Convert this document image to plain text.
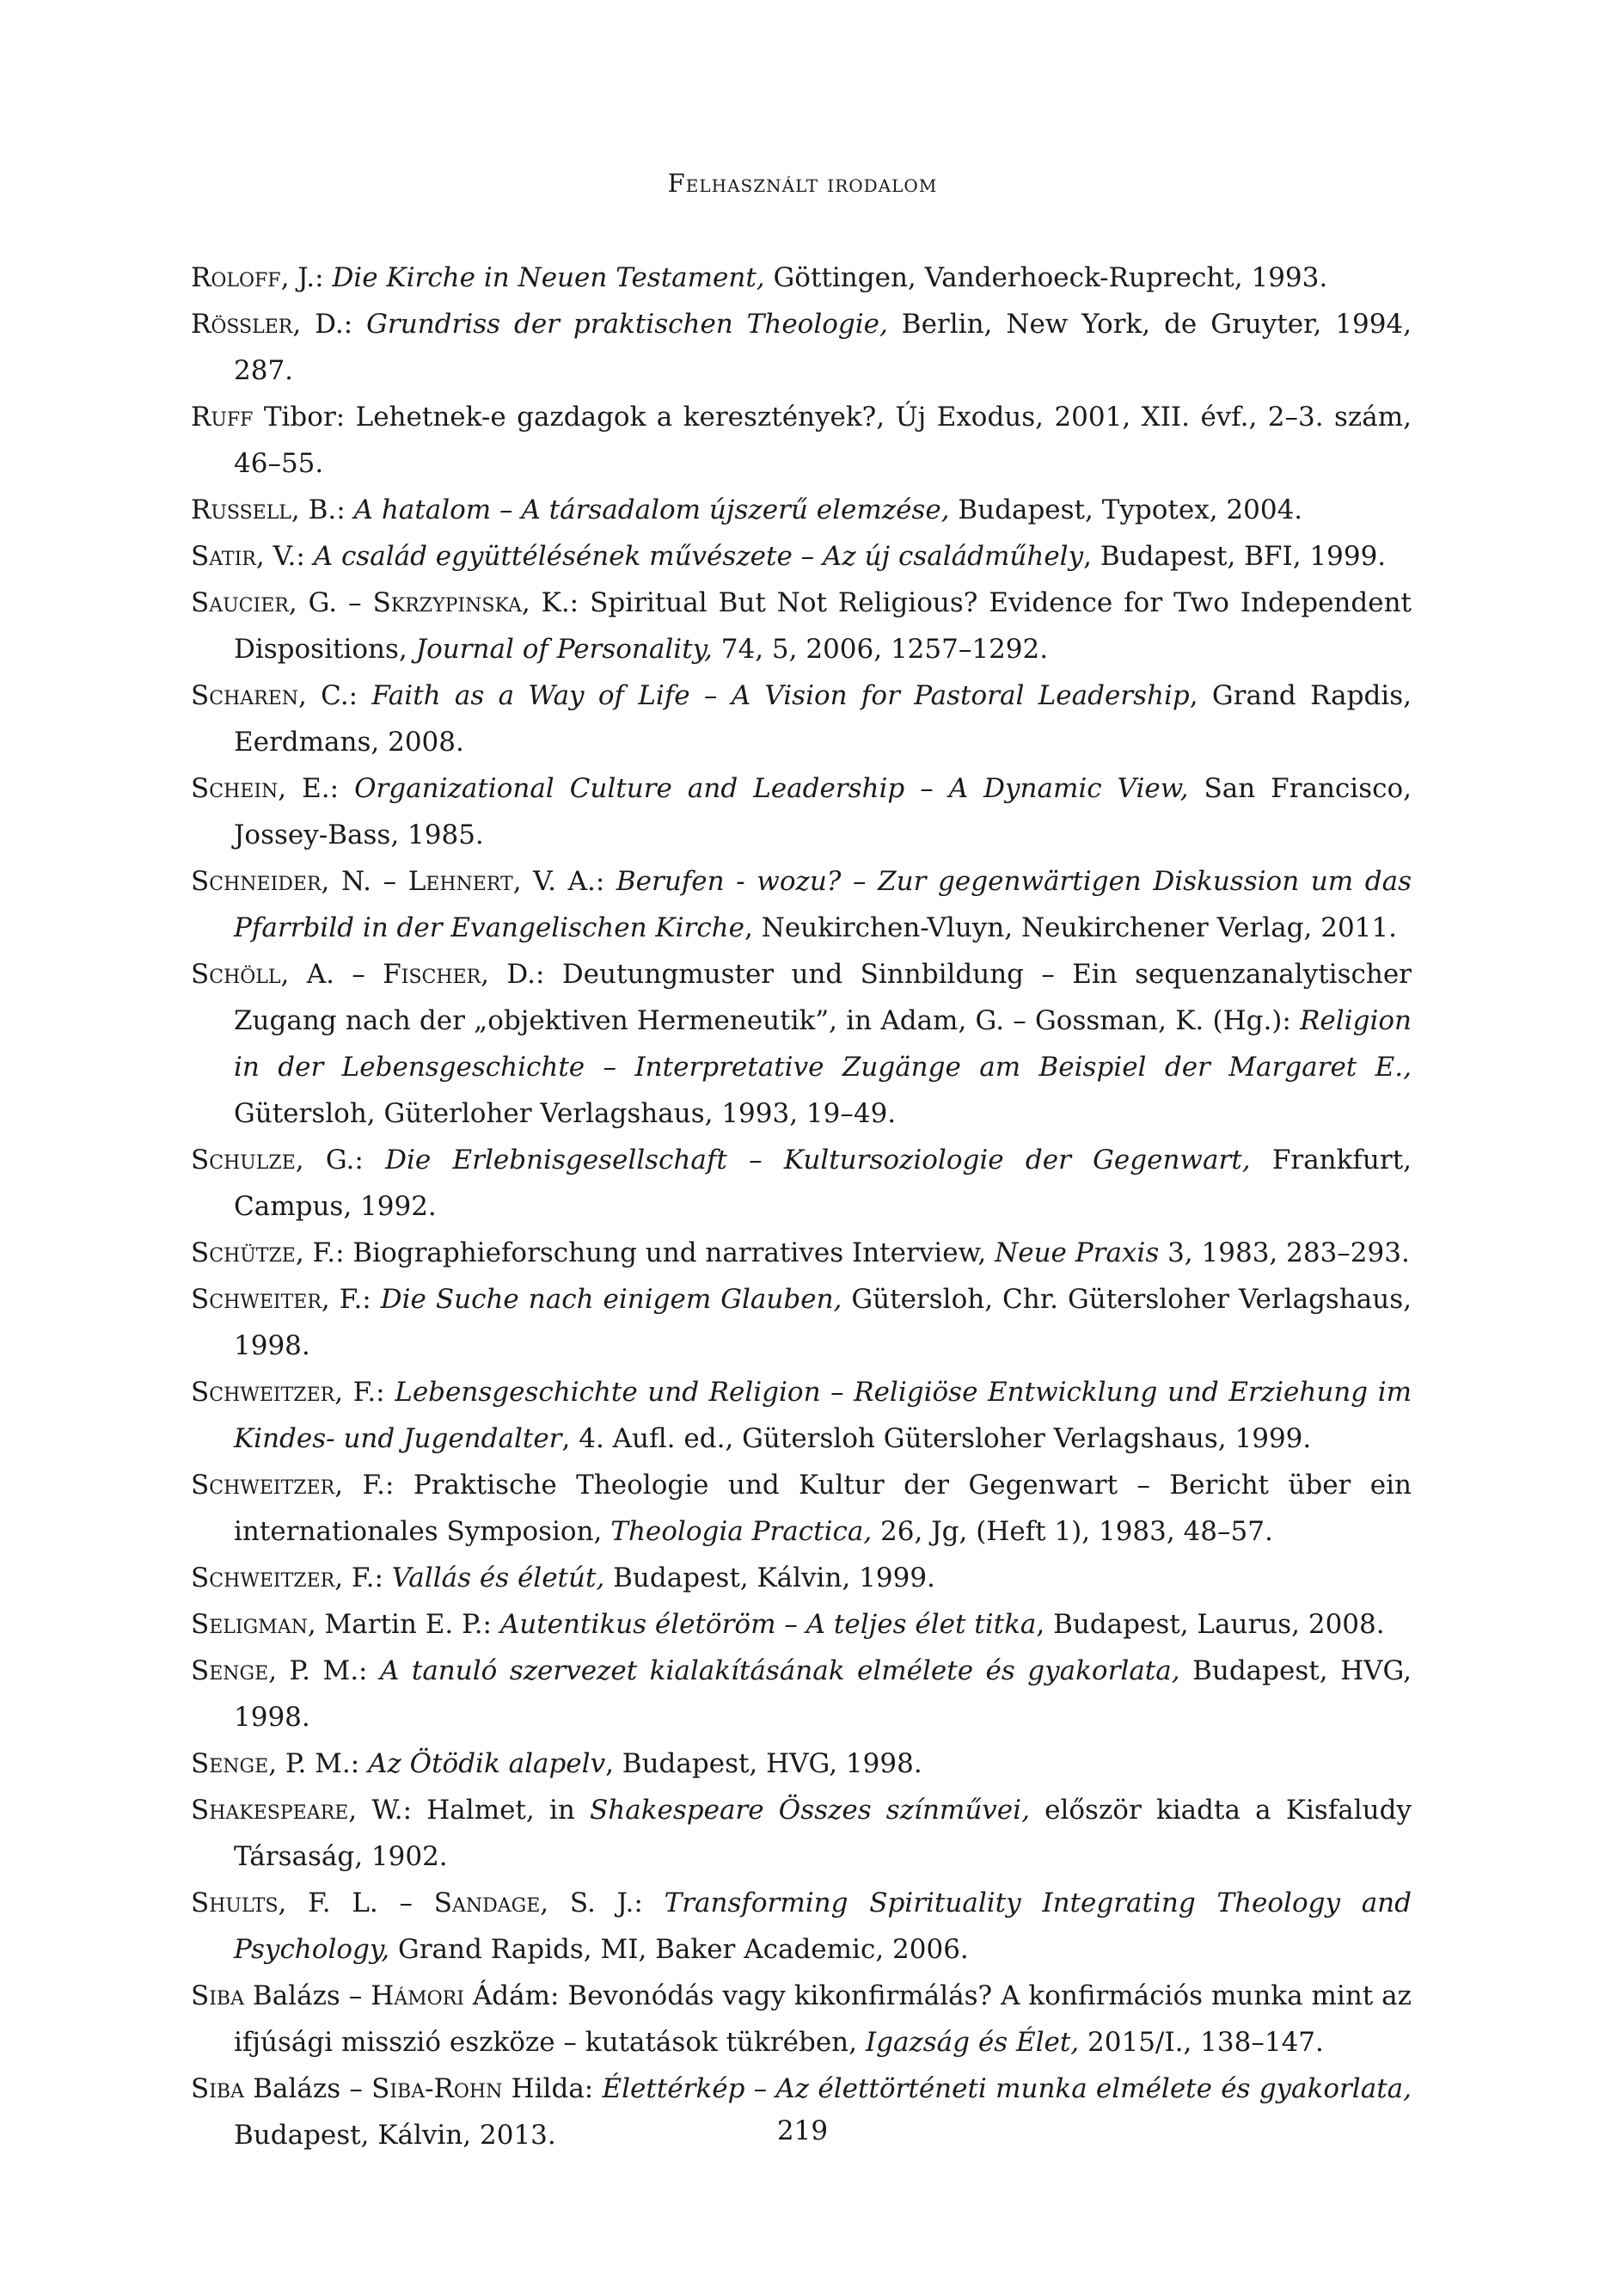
Felhasznált irodalom
Roloff, J.: Die Kirche in Neuen Testament, Göttingen, Vanderhoeck-Ruprecht, 1993.
Rössler, D.: Grundriss der praktischen Theologie, Berlin, New York, de Gruyter, 1994, 287.
Ruff Tibor: Lehetnek-e gazdagok a keresztények?, Új Exodus, 2001, XII. évf., 2–3. szám, 46–55.
Russell, B.: A hatalom – A társadalom újszerű elemzése, Budapest, Typotex, 2004.
Satir, V.: A család együttélésének művészete – Az új családműhely, Budapest, BFI, 1999.
Saucier, G. – Skrzypinska, K.: Spiritual But Not Religious? Evidence for Two Independent Dispositions, Journal of Personality, 74, 5, 2006, 1257–1292.
Scharen, C.: Faith as a Way of Life – A Vision for Pastoral Leadership, Grand Rapdis, Eerdmans, 2008.
Schein, E.: Organizational Culture and Leadership – A Dynamic View, San Francisco, Jossey-Bass, 1985.
Schneider, N. – Lehnert, V. A.: Berufen - wozu? – Zur gegenwärtigen Diskussion um das Pfarrbild in der Evangelischen Kirche, Neukirchen-Vluyn, Neukirchener Verlag, 2011.
Schöll, A. – Fischer, D.: Deutungmuster und Sinnbildung – Ein sequenzanalytischer Zugang nach der „objektiven Hermeneutik”, in Adam, G. – Gossman, K. (Hg.): Religion in der Lebensgeschichte – Interpretative Zugänge am Beispiel der Margaret E., Gütersloh, Güterloher Verlagshaus, 1993, 19–49.
Schulze, G.: Die Erlebnisgesellschaft – Kultursoziologie der Gegenwart, Frankfurt, Campus, 1992.
Schütze, F.: Biographieforschung und narratives Interview, Neue Praxis 3, 1983, 283–293.
Schweiter, F.: Die Suche nach einigem Glauben, Gütersloh, Chr. Gütersloher Verlagshaus, 1998.
Schweitzer, F.: Lebensgeschichte und Religion – Religiöse Entwicklung und Erziehung im Kindes- und Jugendalter, 4. Aufl. ed., Gütersloh Gütersloher Verlagshaus, 1999.
Schweitzer, F.: Praktische Theologie und Kultur der Gegenwart – Bericht über ein internationales Symposion, Theologia Practica, 26, Jg, (Heft 1), 1983, 48–57.
Schweitzer, F.: Vallás és életút, Budapest, Kálvin, 1999.
Seligman, Martin E. P.: Autentikus életöröm – A teljes élet titka, Budapest, Laurus, 2008.
Senge, P. M.: A tanuló szervezet kialakításának elmélete és gyakorlata, Budapest, HVG, 1998.
Senge, P. M.: Az Ötödik alapelv, Budapest, HVG, 1998.
Shakespeare, W.: Halmet, in Shakespeare Összes színművei, először kiadta a Kisfaludy Társaság, 1902.
Shults, F. L. – Sandage, S. J.: Transforming Spirituality Integrating Theology and Psychology, Grand Rapids, MI, Baker Academic, 2006.
Siba Balázs – Hámori Ádám: Bevonódás vagy kikonfirmálás? A konfirmációs munka mint az ifjúsági misszió eszköze – kutatások tükrében, Igazság és Élet, 2015/I., 138–147.
Siba Balázs – Siba-Rohn Hilda: Élettérkép – Az élettörténeti munka elmélete és gyakorlata, Budapest, Kálvin, 2013.	219
